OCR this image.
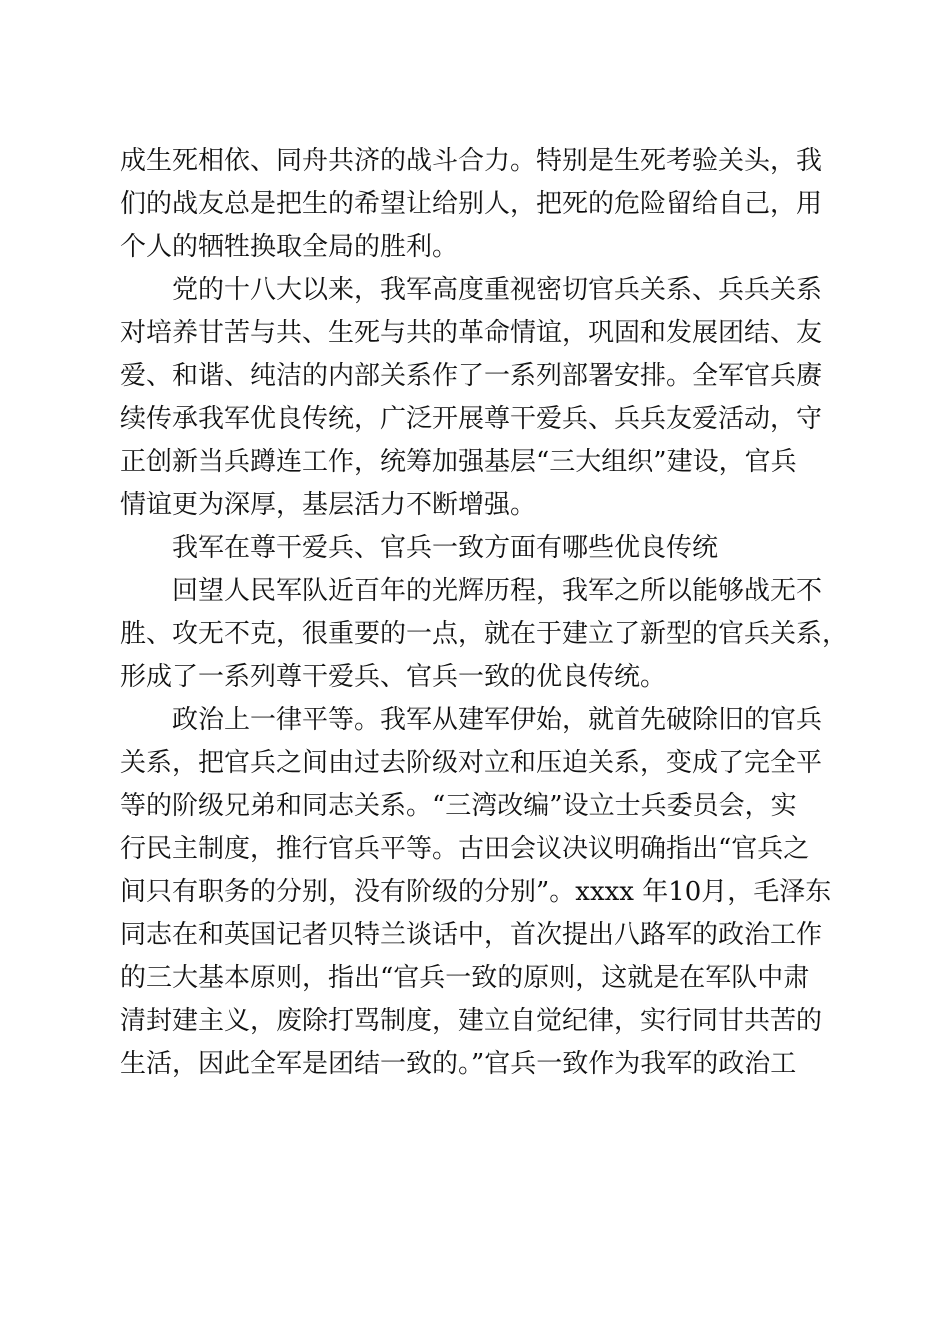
成生死相依、同舟共济的战斗合力。特别是生死考验关头，我
们的战友总是把生的希望让给别人，把死的危险留给自己，用
个人的牺牲换取全局的胜利。

党的十八大以来，我军高度重视密切官兵关系、兵兵关系
对培养甘苦与共、生死与共的革命情谊，巩固和发展团结、友
爱、和谐、纯洁的内部关系作了一系列部署安排。全军官兵赓
续传承我军优良传统，广泛开展尊干爱兵、兵兵友爱活动，守
正创新当兵蹲连工作，统筹加强基层“三大组织”建设，官兵
情谊更为深厚，基层活力不断增强。

我军在尊干爱兵、官兵一致方面有哪些优良传统

回望人民军队近百年的光辉历程，我军之所以能够战无不
胜、攻无不克，很重要的一点，就在于建立了新型的官兵关系，
形成了一系列尊干爱兵、官兵一致的优良传统。

政治上一律平等。我军从建军伊始，就首先破除旧的官兵
关系，把官兵之间由过去阶级对立和压迫关系，变成了完全平
等的阶级兄弟和同志关系。“三湾改编”设立士兵委员会，实
行民主制度，推行官兵平等。古田会议决议明确指出“官兵之
间只有职务的分别，没有阶级的分别”。xxxx 年10月，毛泽东
同志在和英国记者贝特兰谈话中，首次提出八路军的政治工作
的三大基本原则，指出“官兵一致的原则，这就是在军队中肃
清封建主义，废除打骂制度，建立自觉纪律，实行同甘共苦的
生活，因此全军是团结一致的。”官兵一致作为我军的政治工
